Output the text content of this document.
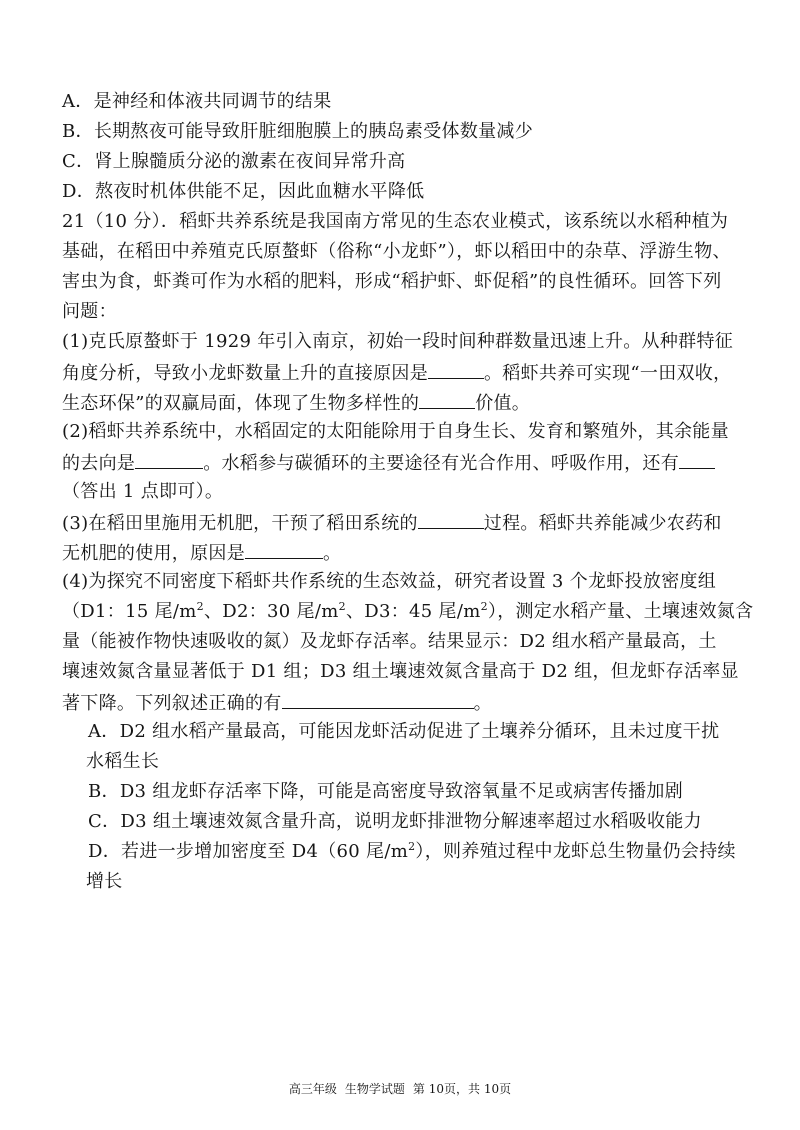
A．是神经和体液共同调节的结果

B．长期熬夜可能导致肝脏细胞膜上的胰岛素受体数量减少

C．肾上腺髓质分泌的激素在夜间异常升高

D．熬夜时机体供能不足，因此血糖水平降低

21（10 分）．稻虾共养系统是我国南方常见的生态农业模式，该系统以水稻种植为

基础，在稻田中养殖克氏原螯虾（俗称“小龙虾”），虾以稻田中的杂草、浮游生物、

害虫为食，虾粪可作为水稻的肥料，形成“稻护虾、虾促稻”的良性循环。回答下列

问题：

(1)克氏原螯虾于 1929 年引入南京，初始一段时间种群数量迅速上升。从种群特征

角度分析，导致小龙虾数量上升的直接原因是	。稻虾共养可实现“一田双收，

生态环保”的双赢局面，体现了生物多样性的	价值。

(2)稻虾共养系统中，水稻固定的太阳能除用于自身生长、发育和繁殖外，其余能量

的去向是	。水稻参与碳循环的主要途径有光合作用、呼吸作用，还有

（答出 1 点即可）。

(3)在稻田里施用无机肥，干预了稻田系统的	过程。稻虾共养能减少农药和

无机肥的使用，原因是	。

(4)为探究不同密度下稻虾共作系统的生态效益，研究者设置 3 个龙虾投放密度组

（D1：15 尾$/m^2$、D2：30 尾$/m^2$、D3：45 尾$/m^2$），测定水稻产量、土壤速效氮含

量（能被作物快速吸收的氮）及龙虾存活率。结果显示：D2 组水稻产量最高，土

壤速效氮含量显著低于 D1 组；D3 组土壤速效氮含量高于 D2 组，但龙虾存活率显

著下降。下列叙述正确的有	。

A．D2 组水稻产量最高，可能因龙虾活动促进了土壤养分循环，且未过度干扰

水稻生长

B．D3 组龙虾存活率下降，可能是高密度导致溶氧量不足或病害传播加剧

C．D3 组土壤速效氮含量升高，说明龙虾排泄物分解速率超过水稻吸收能力

D．若进一步增加密度至 D4（60 尾$/m^2$），则养殖过程中龙虾总生物量仍会持续

增长

高三年级 生物学试题 第 10页，共 10页
